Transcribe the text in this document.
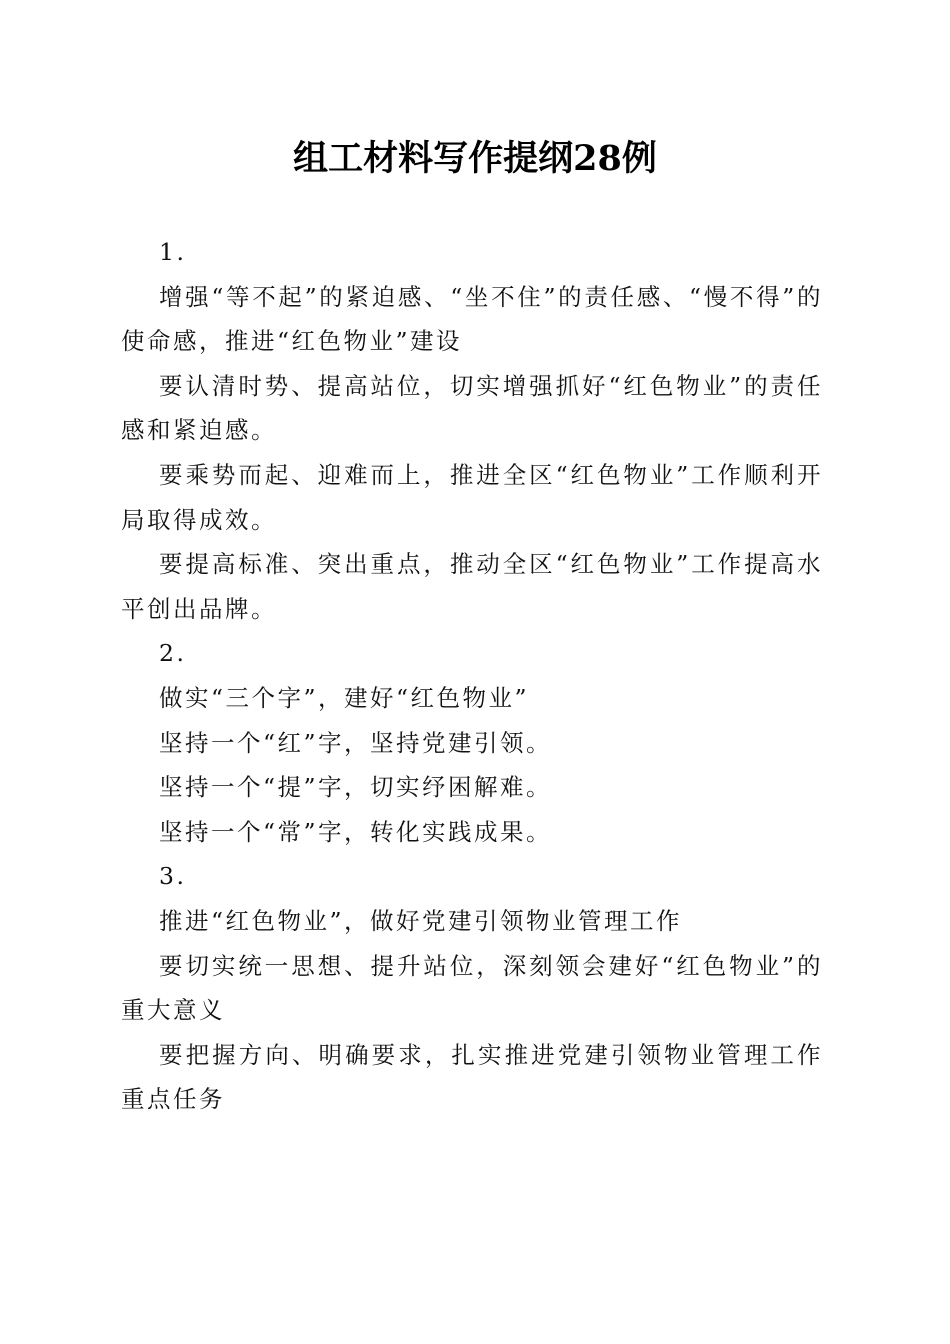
组工材料写作提纲28例

1.

增强“等不起”的紧迫感、“坐不住”的责任感、“慢不得”的使命感，推进“红色物业”建设

要认清时势、提高站位，切实增强抓好“红色物业”的责任感和紧迫感。

要乘势而起、迎难而上，推进全区“红色物业”工作顺利开局取得成效。

要提高标准、突出重点，推动全区“红色物业”工作提高水平创出品牌。

2.

做实“三个字”，建好“红色物业”

坚持一个“红”字，坚持党建引领。

坚持一个“提”字，切实纾困解难。

坚持一个“常”字，转化实践成果。

3.

推进“红色物业”，做好党建引领物业管理工作

要切实统一思想、提升站位，深刻领会建好“红色物业”的重大意义

要把握方向、明确要求，扎实推进党建引领物业管理工作重点任务
